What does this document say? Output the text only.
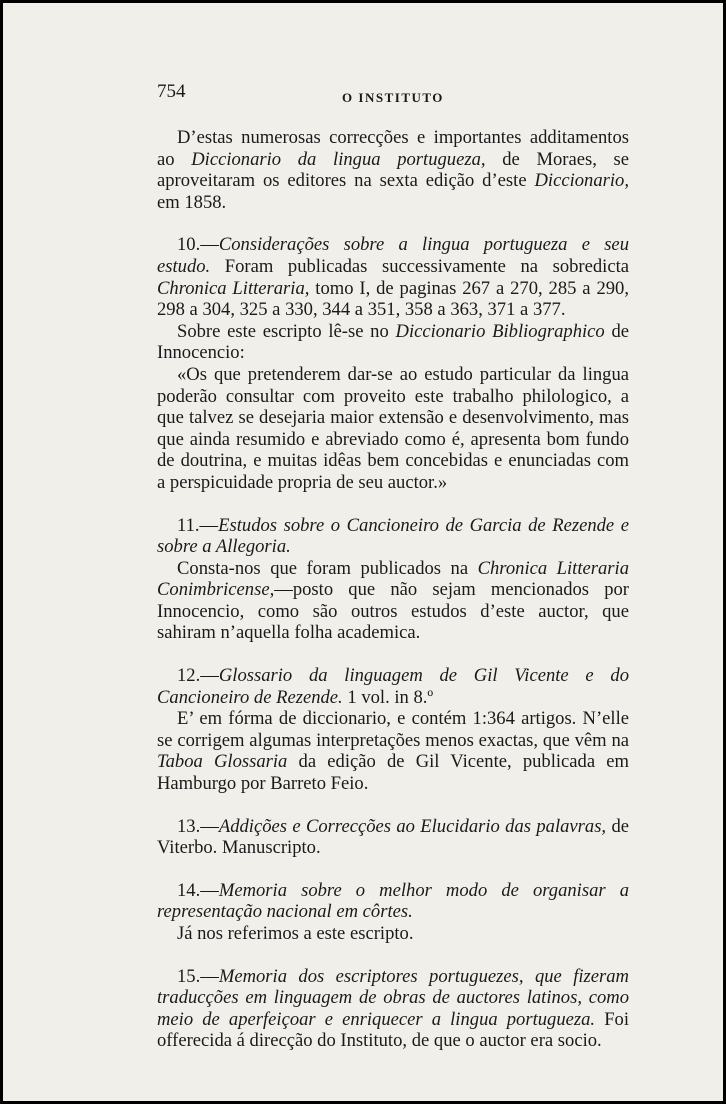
754	O INSTITUTO

D’estas numerosas correcções e importantes additamentos ao Diccionario da lingua portugueza, de Moraes, se aproveitaram os editores na sexta edição d’este Diccionario, em 1858.

10.—Considerações sobre a lingua portugueza e seu estudo. Foram publicadas successivamente na sobredicta Chronica Litteraria, tomo I, de paginas 267 a 270, 285 a 290, 298 a 304, 325 a 330, 344 a 351, 358 a 363, 371 a 377.

Sobre este escripto lê-se no Diccionario Bibliographico de Innocencio:

«Os que pretenderem dar-se ao estudo particular da lingua poderão consultar com proveito este trabalho philologico, a que talvez se desejaria maior extensão e desenvolvimento, mas que ainda resumido e abreviado como é, apresenta bom fundo de doutrina, e muitas idêas bem concebidas e enunciadas com a perspicuidade propria de seu auctor.»

11.—Estudos sobre o Cancioneiro de Garcia de Rezende e sobre a Allegoria.

Consta-nos que foram publicados na Chronica Litteraria Conimbricense,—posto que não sejam mencionados por Innocencio, como são outros estudos d’este auctor, que sahiram n’aquella folha academica.

12.—Glossario da linguagem de Gil Vicente e do Cancioneiro de Rezende. 1 vol. in 8.º

E’ em fórma de diccionario, e contém 1:364 artigos. N’elle se corrigem algumas interpretações menos exactas, que vêm na Taboa Glossaria da edição de Gil Vicente, publicada em Hamburgo por Barreto Feio.

13.—Addições e Correcções ao Elucidario das palavras, de Viterbo. Manuscripto.

14.—Memoria sobre o melhor modo de organisar a representação nacional em côrtes.

Já nos referimos a este escripto.

15.—Memoria dos escriptores portuguezes, que fizeram traducções em linguagem de obras de auctores latinos, como meio de aperfeiçoar e enriquecer a lingua portugueza. Foi offerecida á direcção do Instituto, de que o auctor era socio.
